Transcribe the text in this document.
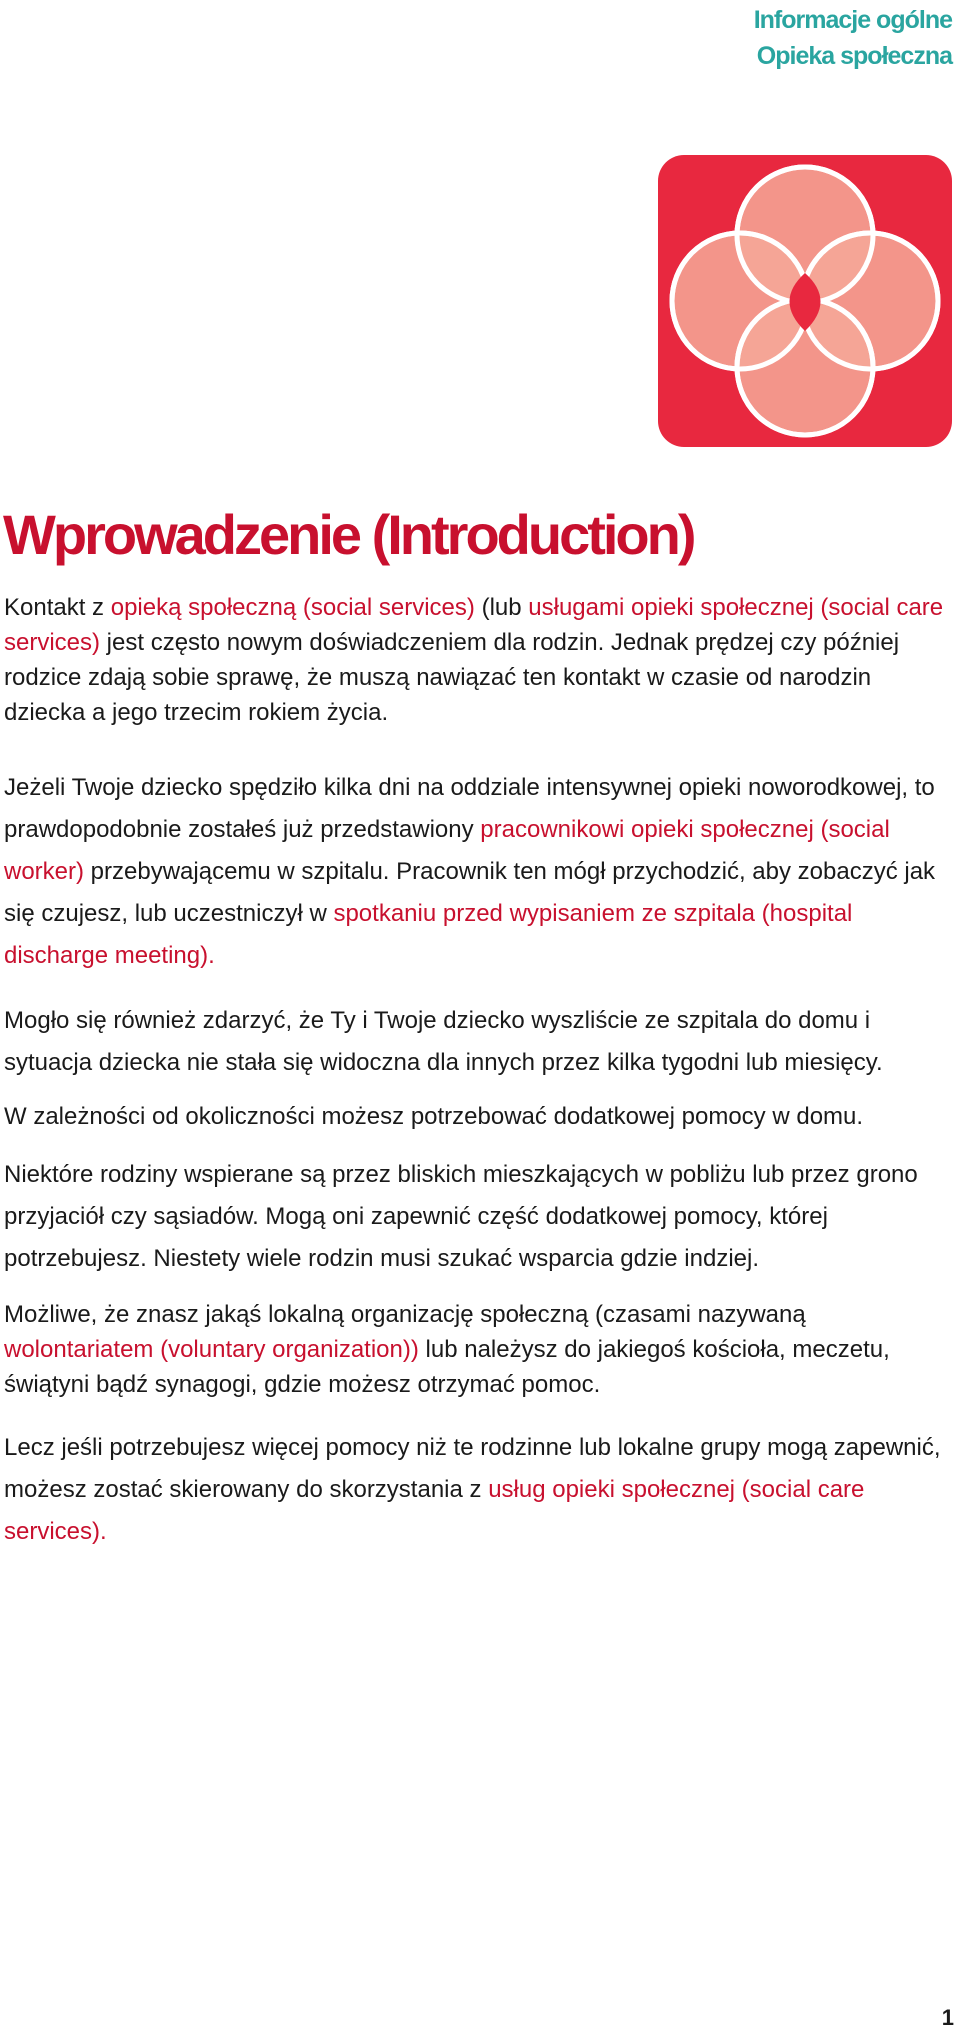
Informacje ogólne
Opieka społeczna
Wprowadzenie (Introduction)

Kontakt z opieką społeczną (social services) (lub usługami opieki społecznej (social care services) jest często nowym doświadczeniem dla rodzin. Jednak prędzej czy później rodzice zdają sobie sprawę, że muszą nawiązać ten kontakt w czasie od narodzin dziecka a jego trzecim rokiem życia.

Jeżeli Twoje dziecko spędziło kilka dni na oddziale intensywnej opieki noworodkowej, to prawdopodobnie zostałeś już przedstawiony pracownikowi opieki społecznej (social worker) przebywającemu w szpitalu. Pracownik ten mógł przychodzić, aby zobaczyć jak się czujesz, lub uczestniczył w spotkaniu przed wypisaniem ze szpitala (hospital discharge meeting).

Mogło się również zdarzyć, że Ty i Twoje dziecko wyszliście ze szpitala do domu i sytuacja dziecka nie stała się widoczna dla innych przez kilka tygodni lub miesięcy.

W zależności od okoliczności możesz potrzebować dodatkowej pomocy w domu.

Niektóre rodziny wspierane są przez bliskich mieszkających w pobliżu lub przez grono przyjaciół czy sąsiadów. Mogą oni zapewnić część dodatkowej pomocy, której potrzebujesz. Niestety wiele rodzin musi szukać wsparcia gdzie indziej.

Możliwe, że znasz jakąś lokalną organizację społeczną (czasami nazywaną wolontariatem (voluntary organization)) lub należysz do jakiegoś kościoła, meczetu, świątyni bądź synagogi, gdzie możesz otrzymać pomoc.

Lecz jeśli potrzebujesz więcej pomocy niż te rodzinne lub lokalne grupy mogą zapewnić, możesz zostać skierowany do skorzystania z usług opieki społecznej (social care services).

1
